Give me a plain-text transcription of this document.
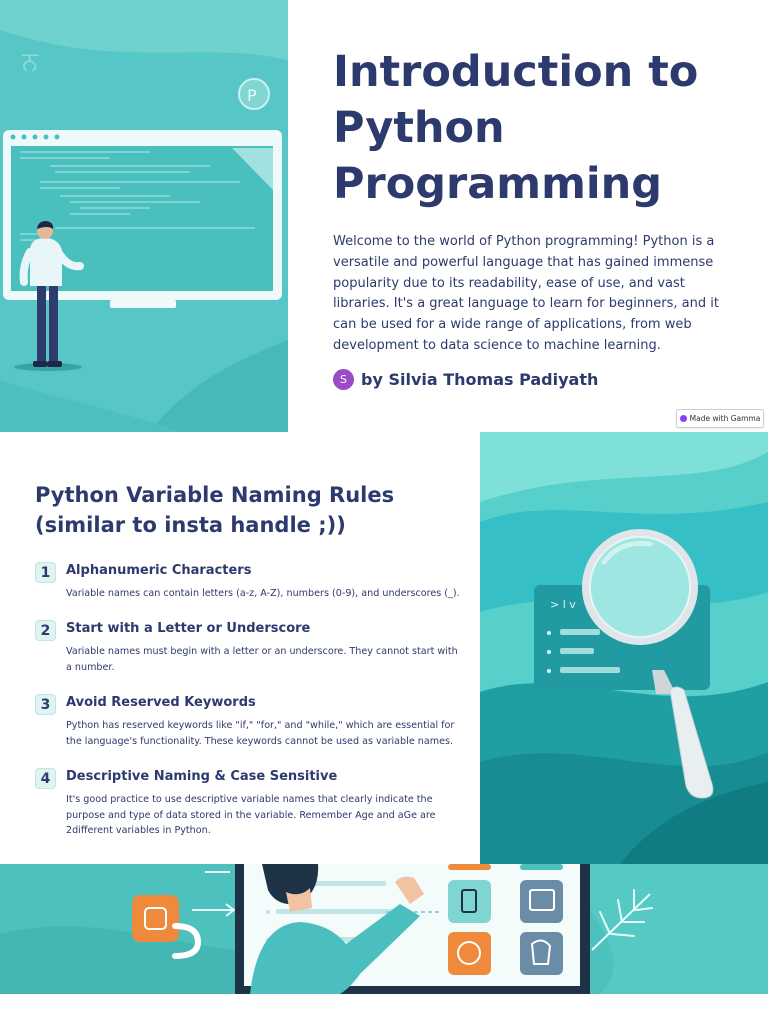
P
ਨ	Introduction to Python Programming

Welcome to the world of Python programming! Python is a versatile and powerful language that has gained immense popularity due to its readability, ease of use, and vast libraries. It's a great language to learn for beginners, and it can be used for a wide range of applications, from web development to data science to machine learning.

S by Silvia Thomas Padiyath
Made with Gamma
Python Variable Naming Rules (similar to insta handle ;))
1	Alphanumeric Characters

Variable names can contain letters (a-z, A-Z), numbers (0-9), and underscores (_).

2	Start with a Letter or Underscore

Variable names must begin with a letter or an underscore. They cannot start with a number.

3	Avoid Reserved Keywords

Python has reserved keywords like "if," "for," and "while," which are essential for the language's functionality. These keywords cannot be used as variable names.

4	Descriptive Naming & Case Sensitive

It's good practice to use descriptive variable names that clearly indicate the purpose and type of data stored in the variable. Remember Age and aGe are 2different variables in Python.

> l v
